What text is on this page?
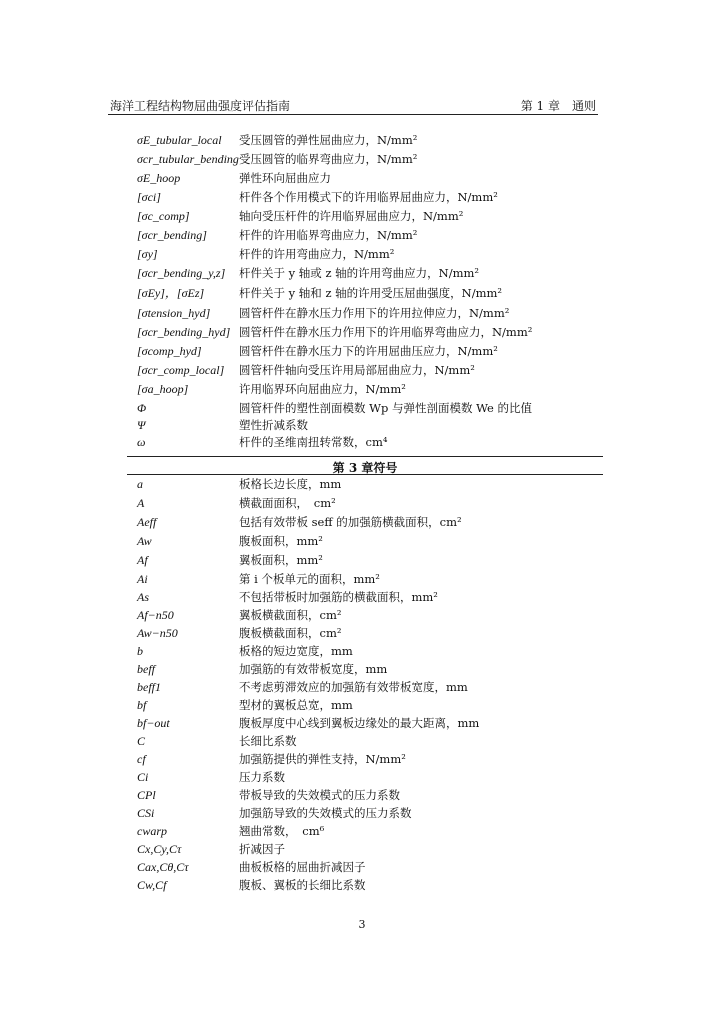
海洋工程结构物屈曲强度评估指南	第 1 章　通则
σE_tubular_local 受压圆管的弹性屈曲应力，N/mm²
σcr_tubular_bending 受压圆管的临界弯曲应力，N/mm²
σE_hoop	弹性环向屈曲应力
[σci]	杆件各个作用模式下的许用临界屈曲应力，N/mm²
[σc_comp]	轴向受压杆件的许用临界屈曲应力，N/mm²
[σcr_bending]	杆件的许用临界弯曲应力，N/mm²
[σy]	杆件的许用弯曲应力，N/mm²
[σcr_bending_y,z] 杆件关于 y 轴或 z 轴的许用弯曲应力，N/mm²
[σEy]，[σEz]	杆件关于 y 轴和 z 轴的许用受压屈曲强度，N/mm²
[σtension_hyd]	圆管杆件在静水压力作用下的许用拉伸应力，N/mm²
[σcr_bending_hyd] 圆管杆件在静水压力作用下的许用临界弯曲应力，N/mm²
[σcomp_hyd]	圆管杆件在静水压力下的许用屈曲压应力，N/mm²
[σcr_comp_local] 圆管杆件轴向受压许用局部屈曲应力，N/mm²
[σa_hoop]	许用临界环向屈曲应力，N/mm²
Φ	圆管杆件的塑性剖面模数 Wp 与弹性剖面模数 We 的比值
Ψ	塑性折减系数
ω	杆件的圣维南扭转常数，cm⁴
第 3 章符号
a	板格长边长度，mm
A	横截面面积，　cm²
Aeff	包括有效带板 seff 的加强筋横截面积，cm²
Aw	腹板面积，mm²
Af	翼板面积，mm²
Ai	第 i 个板单元的面积，mm²
As	不包括带板时加强筋的横截面积，mm²
Af−n50	翼板横截面积，cm²
Aw−n50	腹板横截面积，cm²
b	板格的短边宽度，mm
beff	加强筋的有效带板宽度，mm
beff1	不考虑剪滞效应的加强筋有效带板宽度，mm
bf	型材的翼板总宽，mm
bf−out	腹板厚度中心线到翼板边缘处的最大距离，mm
C	长细比系数
cf	加强筋提供的弹性支持，N/mm²
Ci	压力系数
CPl	带板导致的失效模式的压力系数
CSi	加强筋导致的失效模式的压力系数
cwarp	翘曲常数，　cm⁶
Cx,Cy,Cτ	折减因子
Cax,Cθ,Cτ	曲板板格的屈曲折减因子
Cw,Cf	腹板、翼板的长细比系数
3
